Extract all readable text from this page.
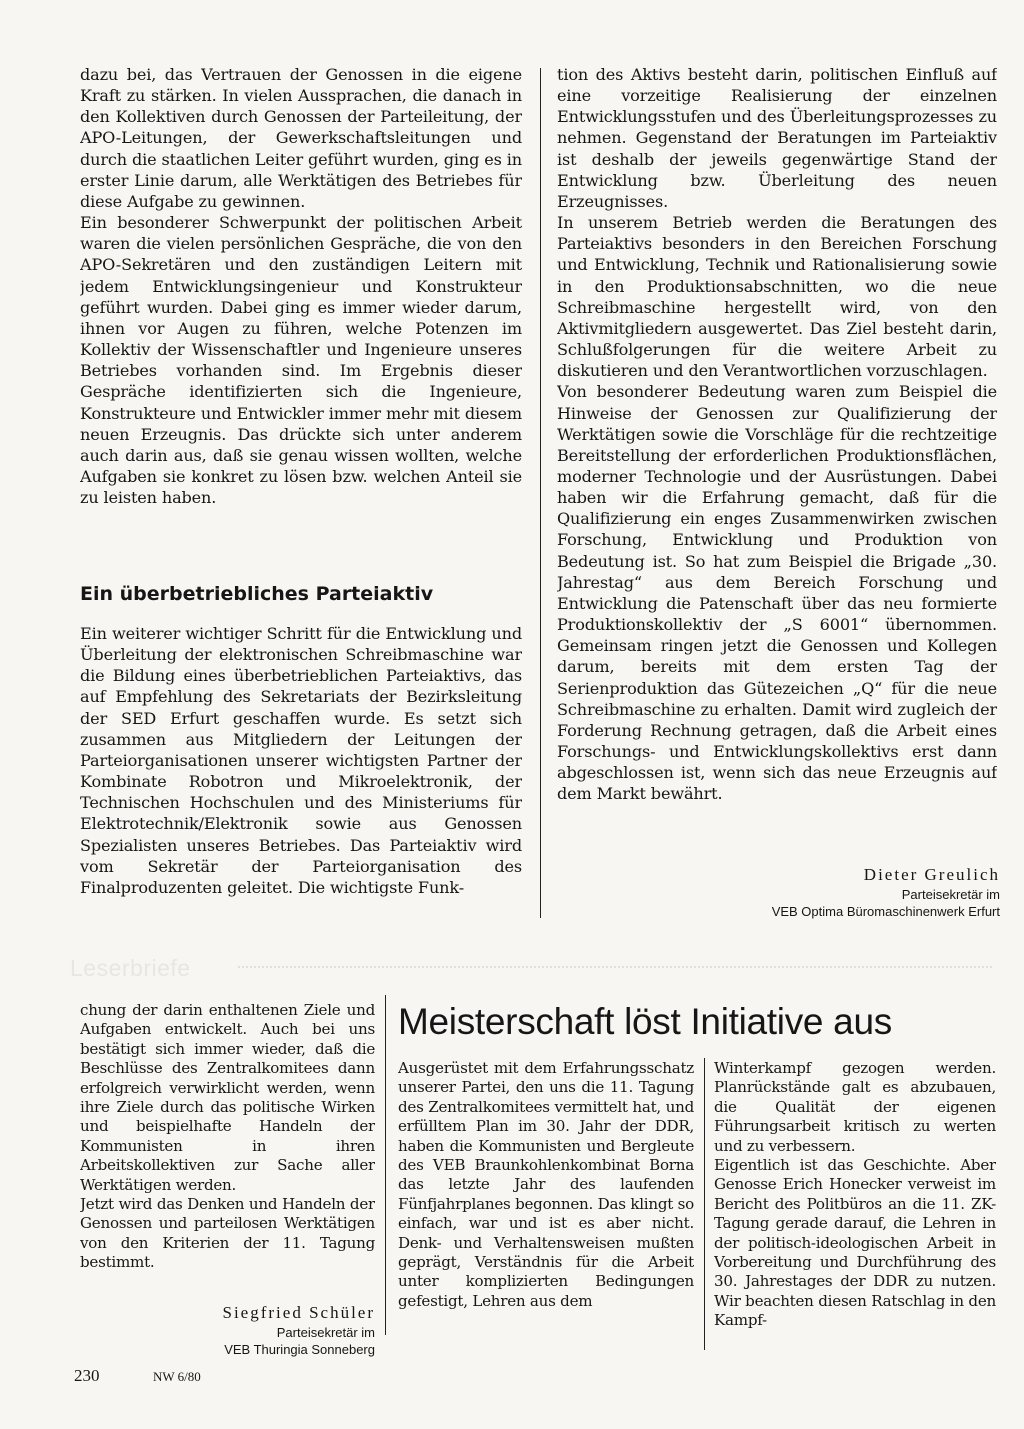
dazu bei, das Vertrauen der Genossen in die eigene Kraft zu stärken. In vielen Aussprachen, die danach in den Kollektiven durch Genossen der Parteileitung, der APO-Leitungen, der Gewerkschaftsleitungen und durch die staatlichen Leiter geführt wurden, ging es in erster Linie darum, alle Werktätigen des Betriebes für diese Aufgabe zu gewinnen.

Ein besonderer Schwerpunkt der politischen Arbeit waren die vielen persönlichen Gespräche, die von den APO-Sekretären und den zuständigen Leitern mit jedem Entwicklungsingenieur und Konstrukteur geführt wurden. Dabei ging es immer wieder darum, ihnen vor Augen zu führen, welche Potenzen im Kollektiv der Wissenschaftler und Ingenieure unseres Betriebes vorhanden sind. Im Ergebnis dieser Gespräche identifizierten sich die Ingenieure, Konstrukteure und Entwickler immer mehr mit diesem neuen Erzeugnis. Das drückte sich unter anderem auch darin aus, daß sie genau wissen wollten, welche Aufgaben sie konkret zu lösen bzw. welchen Anteil sie zu leisten haben.

Ein überbetriebliches Parteiaktiv

Ein weiterer wichtiger Schritt für die Entwicklung und Überleitung der elektronischen Schreibmaschine war die Bildung eines überbetrieblichen Parteiaktivs, das auf Empfehlung des Sekretariats der Bezirksleitung der SED Erfurt geschaffen wurde. Es setzt sich zusammen aus Mitgliedern der Leitungen der Parteiorganisationen unserer wichtigsten Partner der Kombinate Robotron und Mikroelektronik, der Technischen Hochschulen und des Ministeriums für Elektrotechnik/Elektronik sowie aus Genossen Spezialisten unseres Betriebes. Das Parteiaktiv wird vom Sekretär der Parteiorganisation des Finalproduzenten geleitet. Die wichtigste Funk-

tion des Aktivs besteht darin, politischen Einfluß auf eine vorzeitige Realisierung der einzelnen Entwicklungsstufen und des Überleitungsprozesses zu nehmen. Gegenstand der Beratungen im Parteiaktiv ist deshalb der jeweils gegenwärtige Stand der Entwicklung bzw. Überleitung des neuen Erzeugnisses.

In unserem Betrieb werden die Beratungen des Parteiaktivs besonders in den Bereichen Forschung und Entwicklung, Technik und Rationalisierung sowie in den Produktionsabschnitten, wo die neue Schreibmaschine hergestellt wird, von den Aktivmitgliedern ausgewertet. Das Ziel besteht darin, Schlußfolgerungen für die weitere Arbeit zu diskutieren und den Verantwortlichen vorzuschlagen.

Von besonderer Bedeutung waren zum Beispiel die Hinweise der Genossen zur Qualifizierung der Werktätigen sowie die Vorschläge für die rechtzeitige Bereitstellung der erforderlichen Produktionsflächen, moderner Technologie und der Ausrüstungen. Dabei haben wir die Erfahrung gemacht, daß für die Qualifizierung ein enges Zusammenwirken zwischen Forschung, Entwicklung und Produktion von Bedeutung ist. So hat zum Beispiel die Brigade „30. Jahrestag“ aus dem Bereich Forschung und Entwicklung die Patenschaft über das neu formierte Produktionskollektiv der „S 6001“ übernommen. Gemeinsam ringen jetzt die Genossen und Kollegen darum, bereits mit dem ersten Tag der Serienproduktion das Gütezeichen „Q“ für die neue Schreibmaschine zu erhalten. Damit wird zugleich der Forderung Rechnung getragen, daß die Arbeit eines Forschungs- und Entwicklungskollektivs erst dann abgeschlossen ist, wenn sich das neue Erzeugnis auf dem Markt bewährt.

Dieter Greulich
Parteisekretär im
VEB Optima Büromaschinenwerk Erfurt
Leserbriefe

chung der darin enthaltenen Ziele und Aufgaben entwickelt. Auch bei uns bestätigt sich immer wieder, daß die Beschlüsse des Zentralkomitees dann erfolgreich verwirklicht werden, wenn ihre Ziele durch das politische Wirken und beispielhafte Handeln der Kommunisten in ihren Arbeitskollektiven zur Sache aller Werktätigen werden.

Jetzt wird das Denken und Handeln der Genossen und parteilosen Werktätigen von den Kriterien der 11. Tagung bestimmt.

Siegfried Schüler
Parteisekretär im
VEB Thuringia Sonneberg
Meisterschaft löst Initiative aus

Ausgerüstet mit dem Erfahrungsschatz unserer Partei, den uns die 11. Tagung des Zentralkomitees vermittelt hat, und erfülltem Plan im 30. Jahr der DDR, haben die Kommunisten und Bergleute des VEB Braunkohlenkombinat Borna das letzte Jahr des laufenden Fünfjahrplanes begonnen. Das klingt so einfach, war und ist es aber nicht. Denk- und Verhaltensweisen mußten geprägt, Verständnis für die Arbeit unter komplizierten Bedingungen gefestigt, Lehren aus dem

Winterkampf gezogen werden. Planrückstände galt es abzubauen, die Qualität der eigenen Führungsarbeit kritisch zu werten und zu verbessern.

Eigentlich ist das Geschichte. Aber Genosse Erich Honecker verweist im Bericht des Politbüros an die 11. ZK-Tagung gerade darauf, die Lehren in der politisch-ideologischen Arbeit in Vorbereitung und Durchführung des 30. Jahrestages der DDR zu nutzen. Wir beachten diesen Ratschlag in den Kampf-

230	NW 6/80
